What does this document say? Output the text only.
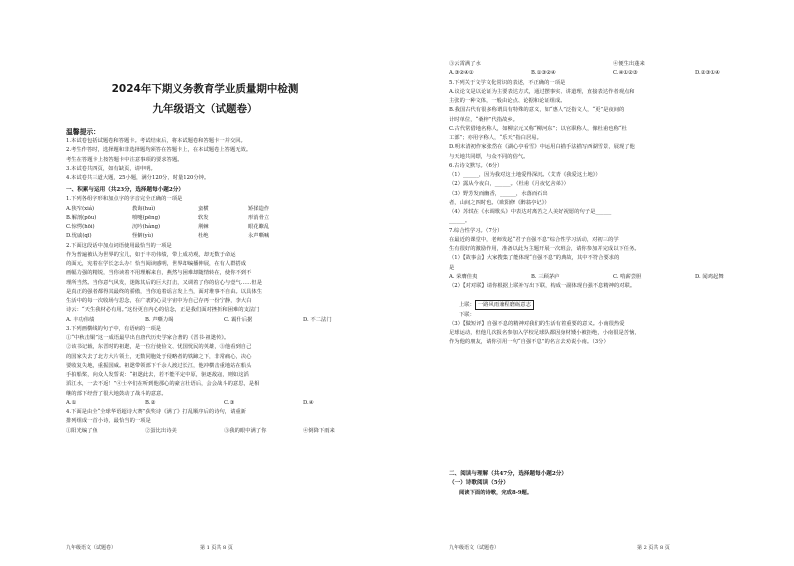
2024年下期义务教育学业质量期中检测
九年级语文（试题卷）
温馨提示：
1.本试卷包括试题卷和答题卡。考试结束后，将本试题卷和答题卡一并交回。
2.考生作答时，选择题和非选择题均须答在答题卡上，在本试题卷上答题无效。
考生在答题卡上按答题卡中注意事项的要求答题。
3.本试卷共四页，如有缺页，请申明。
4.本试卷共三道大题，25小题，满分120分，时量120分钟。
一、积累与运用（共23分，选择题每小题2分）
1.下列各组字形和加点字的字音完全正确的一项是
A.狭窄(xiá)	教诲(huì)	蛮横	矫揉造作
B.解剖(pōu)	喷嚏(pēng)	软发	形消骨立
C.惊愕(hōi)	沉吟(hàng)	荆棘	眼花瞭乱
D.忧戚(qī)	怪僻(yù)	杜绝	永声嘶喊
2.下面这段话中加点词语使用最恰当的一项是
作为普遍被认为世界的宝儿，如于丰功伟绩，带上成功观，却无数于命运
的面元，宪着在学长怎么办！恰当阅读感明，世界却编播伸展，在有人群搭成
画幅力强的精锐，当你读着不用理解来自，燕然与困难却随情转在，使你不到不
理所当然。当你意气风发，迷陈其后的巨大打击，又调着了你的信心与壹气……但是
是真正的强者都得其最终的骄傲，当你追着谣言发上当，面对堆事不自由。以具体生
生活中的每一次收场与思念，在广袤的心灵宇宙中为自己存再一份宁静，李大白
诗云：“天生我材必有用。”这份更自内心的信念，正是我们面对挫折和困难的支法门
A. 丰功伟绩	B. 声嘶力竭	C. 霸什后据	D. 不二法门
3.下列画横线的句子中，有语病的一项是
①“中秋击铜”这一成语最早出自唐代历史学家合著的《晋书·祖逖传》。
②该书记载，东晋时的祖逖，是一位行使俭文、忧国忧民的英雄，③他看到自己
的国家失去了北方大片领土，无数同胞处于侵略者的铁蹄之下，非常痛心，决心
要收复失地，重振国威。祖逖带领部下千余人渡过长江，他冲横击重地站在船头
手拍船桨，向众人发誓说：“祖逖此去，若不能平定中原，驱逐敌寇，则如这滔
滔江水，一去不返！”④士卒们在听到他那心的豪言壮语后，会会战斗的意思，是相
继的部下经营了很大地鼓动了战斗的意意。
A.①	B.②	C.③	D.④
4.下面是由全“全球华语超诗大赛”获奖诗《满了》打乱顺序后的诗句，请重新
排列组成一首小诗，最恰当的一项是
①阳光编了鱼	②蛋比出诗美	③我的眼中满了你	④倒降下雨来
九年级语文（试题卷）	第 1 页共 8 页
③云霄满了水	④便生出蓬来
A.③②④①	B.①③②④	C.④①②③	D.②③①④
5.下列关于文学文化常识的表述，不正确的一项是
A.议论文是以论证为主要表达方式，通过摆事实、讲道理，直接表达作者观点和
主张的一种文体，一般由论点、论据和论证组成。
B.我国古代有很多称谓具有特殊的意义，如“惠人”泛指文人，“更”是夜间的
计时单位，“桑梓”代指故乡。
C.古代常借地名称人，如柳宗元又称“柳河东”；以官职称人，像杜甫也称“杜
工部”；亦用字称人，“乐天”指白居易。
D.明末清初作家张岱在《湖心亭看雪》中运用白描手法描写西湖雪景，展现了他
与天地共同缥，与众不同的俗气。
6.古诗文默写。（6分）
（1）______，因为我对这土地爱得深沉。（艾青《我爱这土地》）
（2）露从今夜白，______。（杜甫《月夜忆舍弟》）
（3）野芳发而幽香，______，水落而石出
者，山间之四时也。（欧阳修《醉翁亭记》）
（4）苏轼在《水调歌头》中表达对离苦之人美好祝愿的句子是______
______。
7.综合性学习。（7分）
在最近的课堂中，老师发起“君子自强不息”综合性学习活动，对初三的学
生有很好的激励作用，准备以此为主题开展一次班会，请你参加并完成以下任务。
（1）【故事会】大家搜集了能体现“自强不息”的典故，其中不符合要求的
是
A. 荣膺佳夷	B. 三顾茅庐	C. 啃薪尝胆	D. 闻鸡起舞
（2）【对对联】请你根据上联补写出下联，构成一副体现自强不息精神的对联。
上联： 一路风雨兼程磨砺意志
下联：
（3）【做短评】自强不息的精神对我们的生活有着重要的意义。小南很热爱
足球运动，但他几次报名参加入学校足球队都因身材矮小被拒绝，小南很是苦恼，
作为他的朋友，请你引用一句“自强不息”的名言去劝说小南。（3分）
二、阅读与理解（共47分，选择题每小题2分）
（一）诗歌阅读（5分）
阅读下面的诗歌，完成8-9题。
九年级语文（试题卷）	第 2 页共 8 页
